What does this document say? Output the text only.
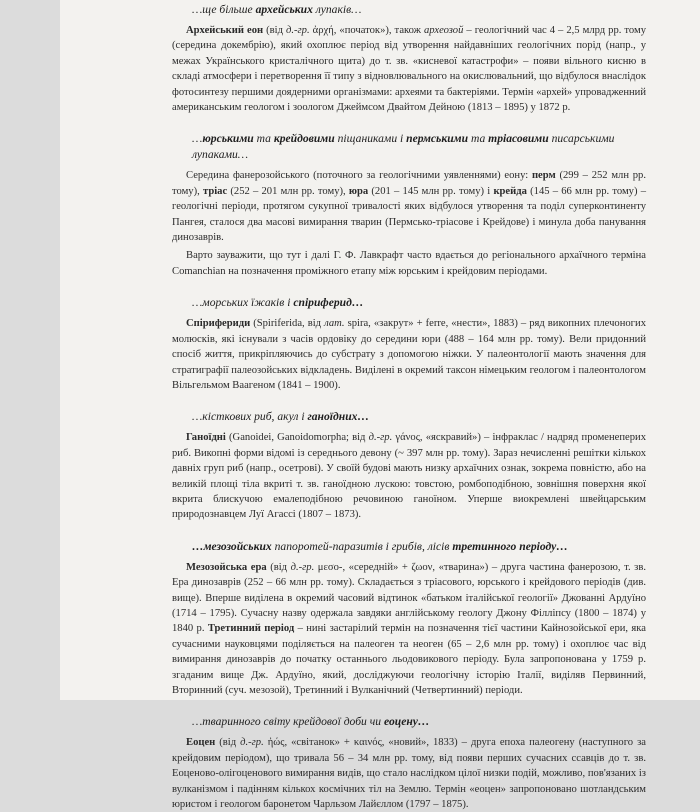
…ще більше архейських лупаків…

Архейський еон (від д.-гр. ἀρχή, «початок»), також археозой – геологічний час 4 – 2,5 млрд рр. тому (середина докембрію), який охоплює період від утворення найдавніших геологічних порід (напр., у межах Українського кристалічного щита) до т. зв. «кисневої катастрофи» – появи вільного кисню в складі атмосфери і перетворення її типу з відновлювального на окислювальний, що відбулося внаслідок фотосинтезу першими доядерними організмами: археями та бактеріями. Термін «архей» упровадженний американським геологом і зоологом Джеймсом Двайтом Дейною (1813 – 1895) у 1872 р.

…юрськими та крейдовими піщаниками і пермськими та тріасовими писарськими лупаками…

Середина фанерозойського (поточного за геологічними уявленнями) еону: перм (299 – 252 млн рр. тому), тріас (252 – 201 млн рр. тому), юра (201 – 145 млн рр. тому) і крейда (145 – 66 млн рр. тому) – геологічні періоди, протягом сукупної тривалості яких відбулося утворення та поділ суперконтиненту Пангея, сталося два масові вимирання тварин (Пермсько-тріасове і Крейдове) і минула доба панування динозаврів.

Варто зауважити, що тут і далі Г. Ф. Лавкрафт часто вдається до регіонального архаїчного терміна Comanchian на позначення проміжного етапу між юрським і крейдовим періодами.

…морських їжаків і спіриферид…

Спірифериди (Spiriferida, від лат. spira, «закрут» + ferre, «нести», 1883) – ряд викопних плечоногих молюсків, які існували з часів ордовіку до середини юри (488 – 164 млн рр. тому). Вели придонний спосіб життя, прикріпляючись до субстрату з допомогою ніжки. У палеонтології мають значення для стратиграфії палеозойських відкладень. Виділені в окремий таксон німецьким геологом і палеонтологом Вільгельмом Ваагеном (1841 – 1900).

…кісткових риб, акул і ганоїдних…

Ганоїдні (Ganoidei, Ganoidomorpha; від д.-гр. γάνος, «яскравий») – інфраклас / надряд променеперих риб. Викопні форми відомі із середнього девону (~ 397 млн рр. тому). Зараз нечисленні решітки кількох давніх груп риб (напр., осетрові). У своїй будові мають низку архаїчних ознак, зокрема повністю, або на великій площі тіла вкриті т. зв. ганоїдною лускою: товстою, ромбоподібною, зовнішня поверхня якої вкрита блискучою емалеподібною речовиною ганоїном. Уперше виокремлені швейцарським природознавцем Луї Агассі (1807 – 1873).

…мезозойських папоротей-паразитів і грибів, лісів третинного періоду…

Мезозойська ера (від д.-гр. μεσο-, «середній» + ζωον, «тварина») – друга частина фанерозою, т. зв. Ера динозаврів (252 – 66 млн рр. тому). Складається з тріасового, юрського і крейдового періодів (див. вище). Вперше виділена в окремий часовий відтинок «батьком італійської геології» Джованні Ардуїно (1714 – 1795). Сучасну назву одержала завдяки англійському геологу Джону Філліпсу (1800 – 1874) у 1840 р. Третинний період – нині застарілий термін на позначення тієї частини Кайнозойської ери, яка сучасними науковцями поділяється на палеоген та неоген (65 – 2,6 млн рр. тому) і охоплює час від вимирання динозаврів до початку останнього льодовикового періоду. Була запропонована у 1759 р. згаданим вище Дж. Ардуїно, який, досліджуючи геологічну історію Італії, виділяв Первинний, Вторинний (суч. мезозой), Третинний і Вулканічний (Четвертинний) періоди.

…тваринного світу крейдової доби чи еоцену…

Еоцен (від д.-гр. ἠώς, «світанок» + καινός, «новий», 1833) – друга епоха палеогену (наступного за крейдовим періодом), що тривала 56 – 34 млн рр. тому, від появи перших сучасних ссавців до т. зв. Еоценово-олігоценового вимирання видів, що стало наслідком цілої низки подій, можливо, пов'язаних із вулканізмом і падінням кількох космічних тіл на Землю. Термін «еоцен» запропоновано шотландським юристом і геологом баронетом Чарльзом Лайєллом (1797 – 1875).
